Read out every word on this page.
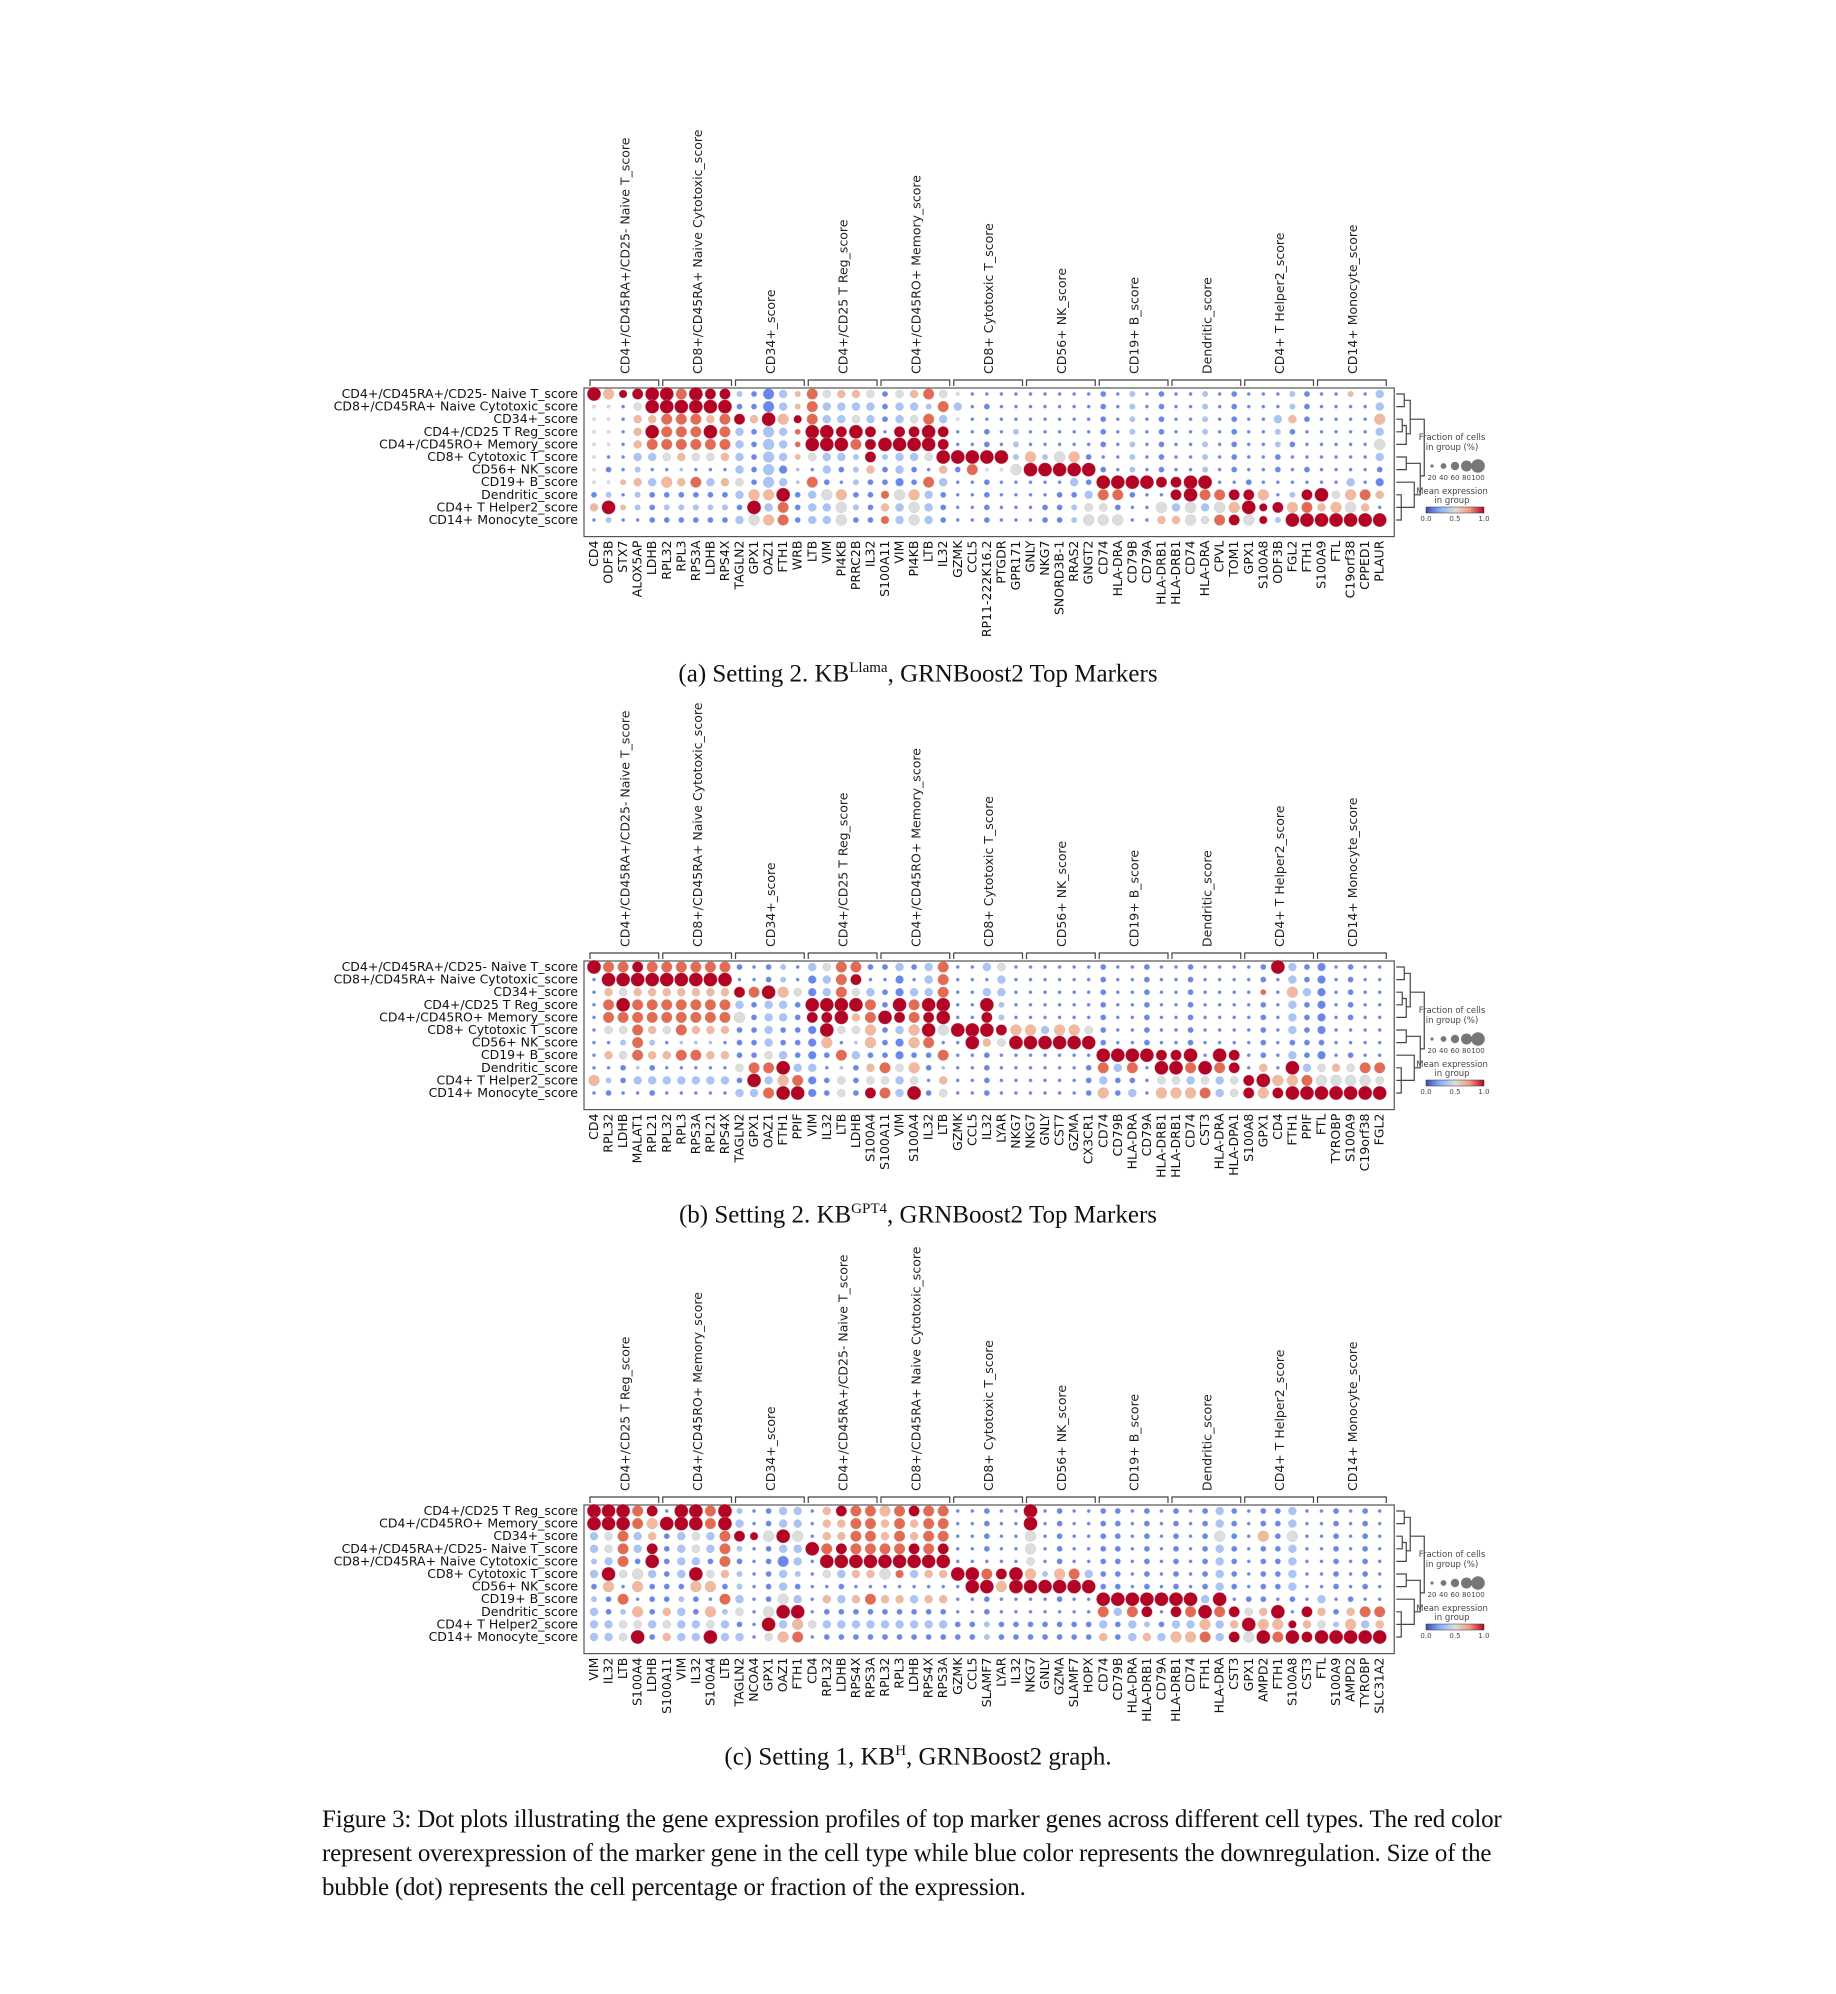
CD4+/CD45RA+/CD25- Naive T_score	CD8+/CD45RA+ Naive Cytotoxic_score	CD34+_score	CD4+/CD25 T Reg_score	CD4+/CD45RO+ Memory_score	CD8+ Cytotoxic T_score	CD56+ NK_score	CD19+ B_score	Dendritic_score	CD4+ T Helper2_score	CD14+ Monocyte_score
CD4+/CD45RA+/CD25- Naive T_score
CD8+/CD45RA+ Naive Cytotoxic_score
CD34+_score
CD4+/CD25 T Reg_score
CD4+/CD45RO+ Memory_score
CD8+ Cytotoxic T_score
CD56+ NK_score
CD19+ B_score
Dendritic_score
CD4+ T Helper2_score
CD14+ Monocyte_score
CD4 ODF3B STX7 ALOX5AP LDHB RPL32 RPL3 RPS3A LDHB RPS4X TAGLN2 GPX1 OAZ1 FTH1 WRB LTB VIM PI4KB PRRC2B IL32 S100A11 VIM PI4KB LTB IL32 GZMK CCL5 RP11-222K16.2 PTGDR GPR171 GNLY NKG7 SNORD3B-1 RRAS2 GNGT2 CD74 HLA-DRA CD79B CD79A HLA-DRB1 HLA-DRB1 CD74 HLA-DRA CPVL TOM1 GPX1 S100A8 ODF3B FGL2 FTH1 S100A9 FTL C19orf38 CPPED1 PLAUR
Fraction of cells
in group (%)
20 40 60 80 100
Mean expression
in group
0.0	0.5	1.0
(a) Setting 2. $KB^{Llama}$, GRNBoost2 Top Markers
CD4+/CD45RA+/CD25- Naive T_score	CD8+/CD45RA+ Naive Cytotoxic_score	CD34+_score	CD4+/CD25 T Reg_score	CD4+/CD45RO+ Memory_score	CD8+ Cytotoxic T_score	CD56+ NK_score	CD19+ B_score	Dendritic_score	CD4+ T Helper2_score	CD14+ Monocyte_score
CD4+/CD45RA+/CD25- Naive T_score
CD8+/CD45RA+ Naive Cytotoxic_score
CD34+_score
CD4+/CD25 T Reg_score
CD4+/CD45RO+ Memory_score
CD8+ Cytotoxic T_score
CD56+ NK_score
CD19+ B_score
Dendritic_score
CD4+ T Helper2_score
CD14+ Monocyte_score
CD4 RPL32 LDHB MALAT1 RPL21 RPL32 RPL3 RPS3A RPL21 RPS4X TAGLN2 GPX1 OAZ1 FTH1 PPIF VIM IL32 LTB LDHB S100A4 S100A11 VIM S100A4 IL32 LTB GZMK CCL5 IL32 LYAR NKG7 NKG7 GNLY CST7 GZMA CX3CR1 CD74 CD79B HLA-DRA CD79A HLA-DRB1 HLA-DRB1 CD74 CST3 HLA-DRA HLA-DPA1 S100A8 GPX1 CD4 FTH1 PPIF FTL TYROBP S100A9 C19orf38 FGL2
Fraction of cells
in group (%)
20 40 60 80 100
Mean expression
in group
0.0	0.5	1.0
(b) Setting 2. $KB^{GPT4}$, GRNBoost2 Top Markers
CD4+/CD25 T Reg_score	CD4+/CD45RO+ Memory_score	CD34+_score	CD4+/CD45RA+/CD25- Naive T_score	CD8+/CD45RA+ Naive Cytotoxic_score	CD8+ Cytotoxic T_score	CD56+ NK_score	CD19+ B_score	Dendritic_score	CD4+ T Helper2_score	CD14+ Monocyte_score
CD4+/CD25 T Reg_score
CD4+/CD45RO+ Memory_score
CD34+_score
CD4+/CD45RA+/CD25- Naive T_score
CD8+/CD45RA+ Naive Cytotoxic_score
CD8+ Cytotoxic T_score
CD56+ NK_score
CD19+ B_score
Dendritic_score
CD4+ T Helper2_score
CD14+ Monocyte_score
VIM IL32 LTB S100A4 LDHB S100A11 VIM IL32 S100A4 LTB TAGLN2 NCOA4 GPX1 OAZ1 FTH1 CD4 RPL32 LDHB RPS4X RPS3A RPL32 RPL3 LDHB RPS4X RPS3A GZMK CCL5 SLAMF7 LYAR IL32 NKG7 GNLY GZMA SLAMF7 HOPX CD74 CD79B HLA-DRA HLA-DRB1 CD79A HLA-DRB1 CD74 FTH1 HLA-DRA CST3 GPX1 AMPD2 FTH1 S100A8 CST3 FTL S100A9 AMPD2 TYROBP SLC31A2
Fraction of cells
in group (%)
20 40 60 80 100
Mean expression
in group
0.0	0.5	1.0
(c) Setting 1, $KB^H$, GRNBoost2 graph.
Figure 3: Dot plots illustrating the gene expression profiles of top marker genes across different cell types. The red color represent overexpression of the marker gene in the cell type while blue color represents the downregulation. Size of the bubble (dot) represents the cell percentage or fraction of the expression.
